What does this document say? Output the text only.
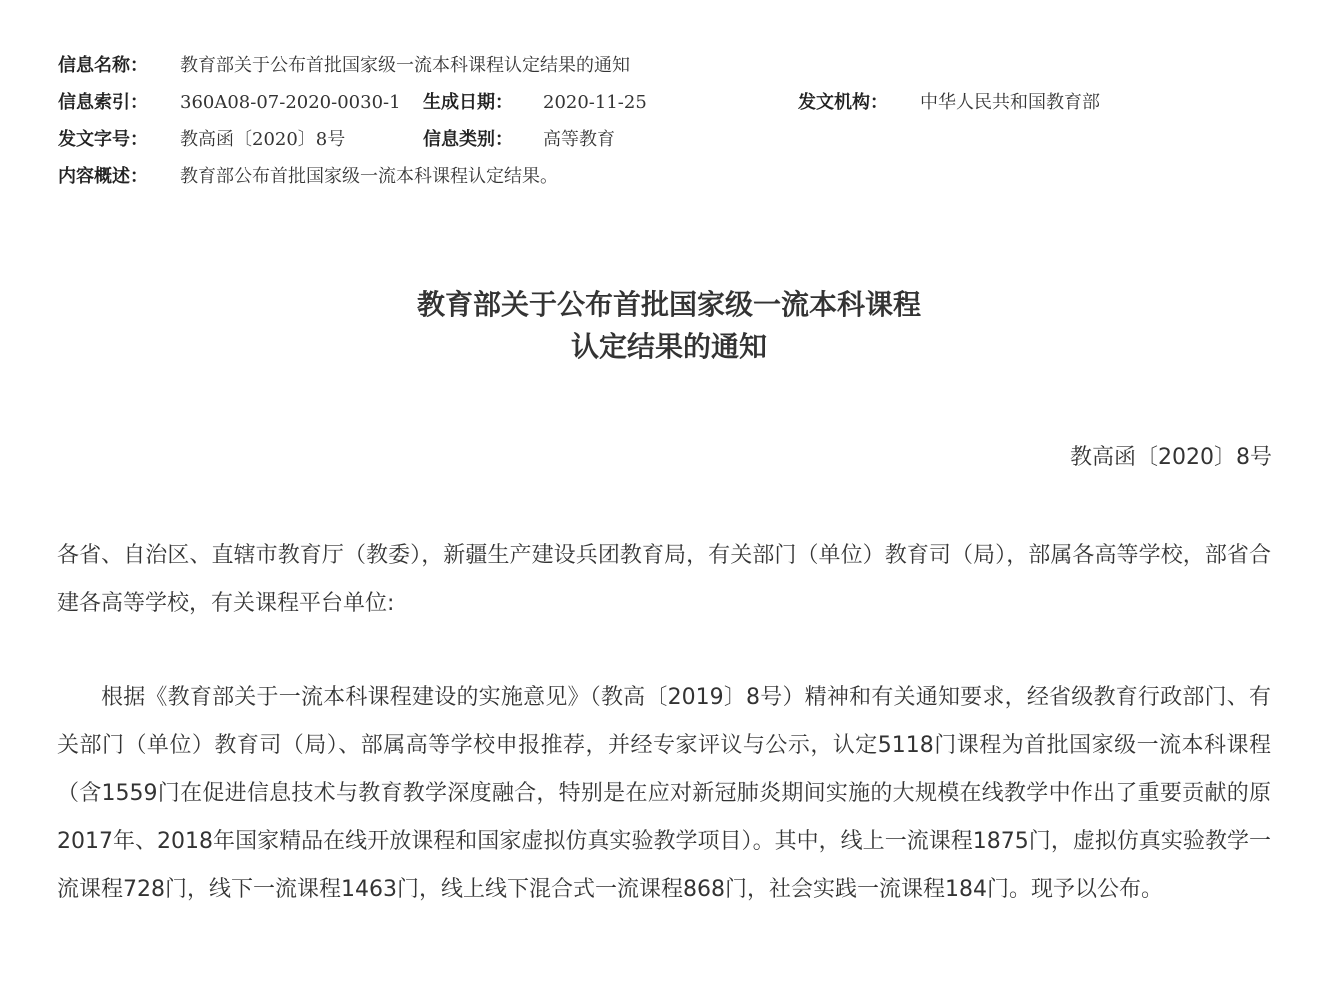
信息名称： 教育部关于公布首批国家级一流本科课程认定结果的通知
信息索引： 360A08-07-2020-0030-1 生成日期： 2020-11-25	发文机构： 中华人民共和国教育部
发文字号： 教高函〔2020〕8号	信息类别： 高等教育
内容概述： 教育部公布首批国家级一流本科课程认定结果。
教育部关于公布首批国家级一流本科课程
认定结果的通知
教高函〔2020〕8号

各省、自治区、直辖市教育厅（教委），新疆生产建设兵团教育局，有关部门（单位）教育司（局），部属各高等学校，部省合建各高等学校，有关课程平台单位:

根据《教育部关于一流本科课程建设的实施意见》（教高〔2019〕8号）精神和有关通知要求，经省级教育行政部门、有关部门（单位）教育司（局）、部属高等学校申报推荐，并经专家评议与公示，认定5118门课程为首批国家级一流本科课程（含1559门在促进信息技术与教育教学深度融合，特别是在应对新冠肺炎期间实施的大规模在线教学中作出了重要贡献的原2017年、2018年国家精品在线开放课程和国家虚拟仿真实验教学项目）。其中，线上一流课程1875门，虚拟仿真实验教学一流课程728门，线下一流课程1463门，线上线下混合式一流课程868门，社会实践一流课程184门。现予以公布。
